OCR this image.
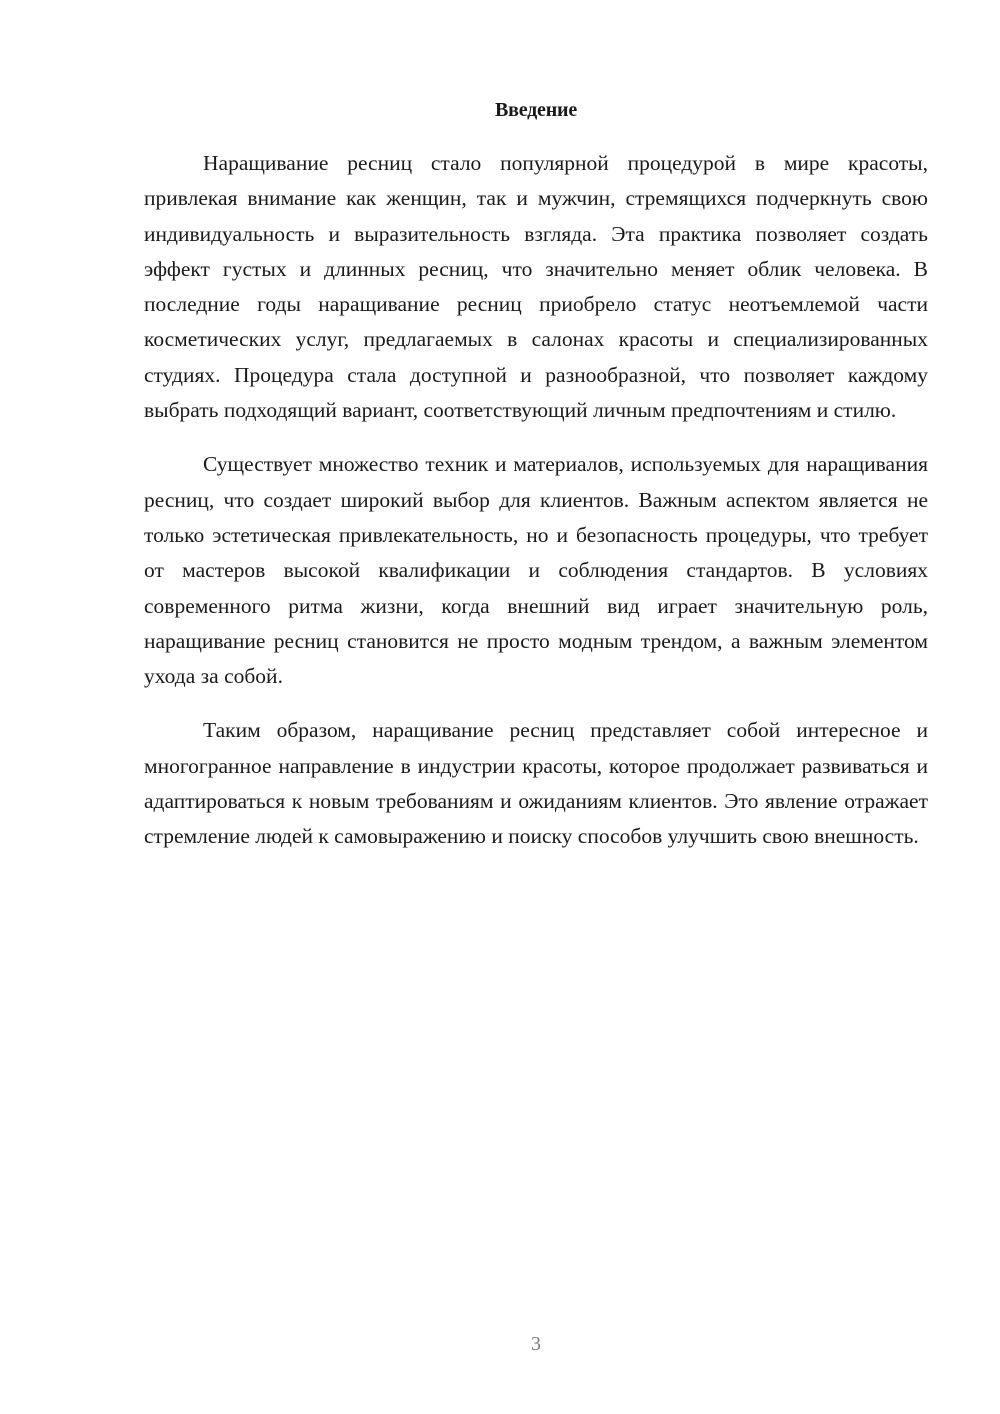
Введение

Наращивание ресниц стало популярной процедурой в мире красоты, привлекая внимание как женщин, так и мужчин, стремящихся подчеркнуть свою индивидуальность и выразительность взгляда. Эта практика позволяет создать эффект густых и длинных ресниц, что значительно меняет облик человека. В последние годы наращивание ресниц приобрело статус неотъемлемой части косметических услуг, предлагаемых в салонах красоты и специализированных студиях. Процедура стала доступной и разнообразной, что позволяет каждому выбрать подходящий вариант, соответствующий личным предпочтениям и стилю.

Существует множество техник и материалов, используемых для наращивания ресниц, что создает широкий выбор для клиентов. Важным аспектом является не только эстетическая привлекательность, но и безопасность процедуры, что требует от мастеров высокой квалификации и соблюдения стандартов. В условиях современного ритма жизни, когда внешний вид играет значительную роль, наращивание ресниц становится не просто модным трендом, а важным элементом ухода за собой.

Таким образом, наращивание ресниц представляет собой интересное и многогранное направление в индустрии красоты, которое продолжает развиваться и адаптироваться к новым требованиям и ожиданиям клиентов. Это явление отражает стремление людей к самовыражению и поиску способов улучшить свою внешность.

3
